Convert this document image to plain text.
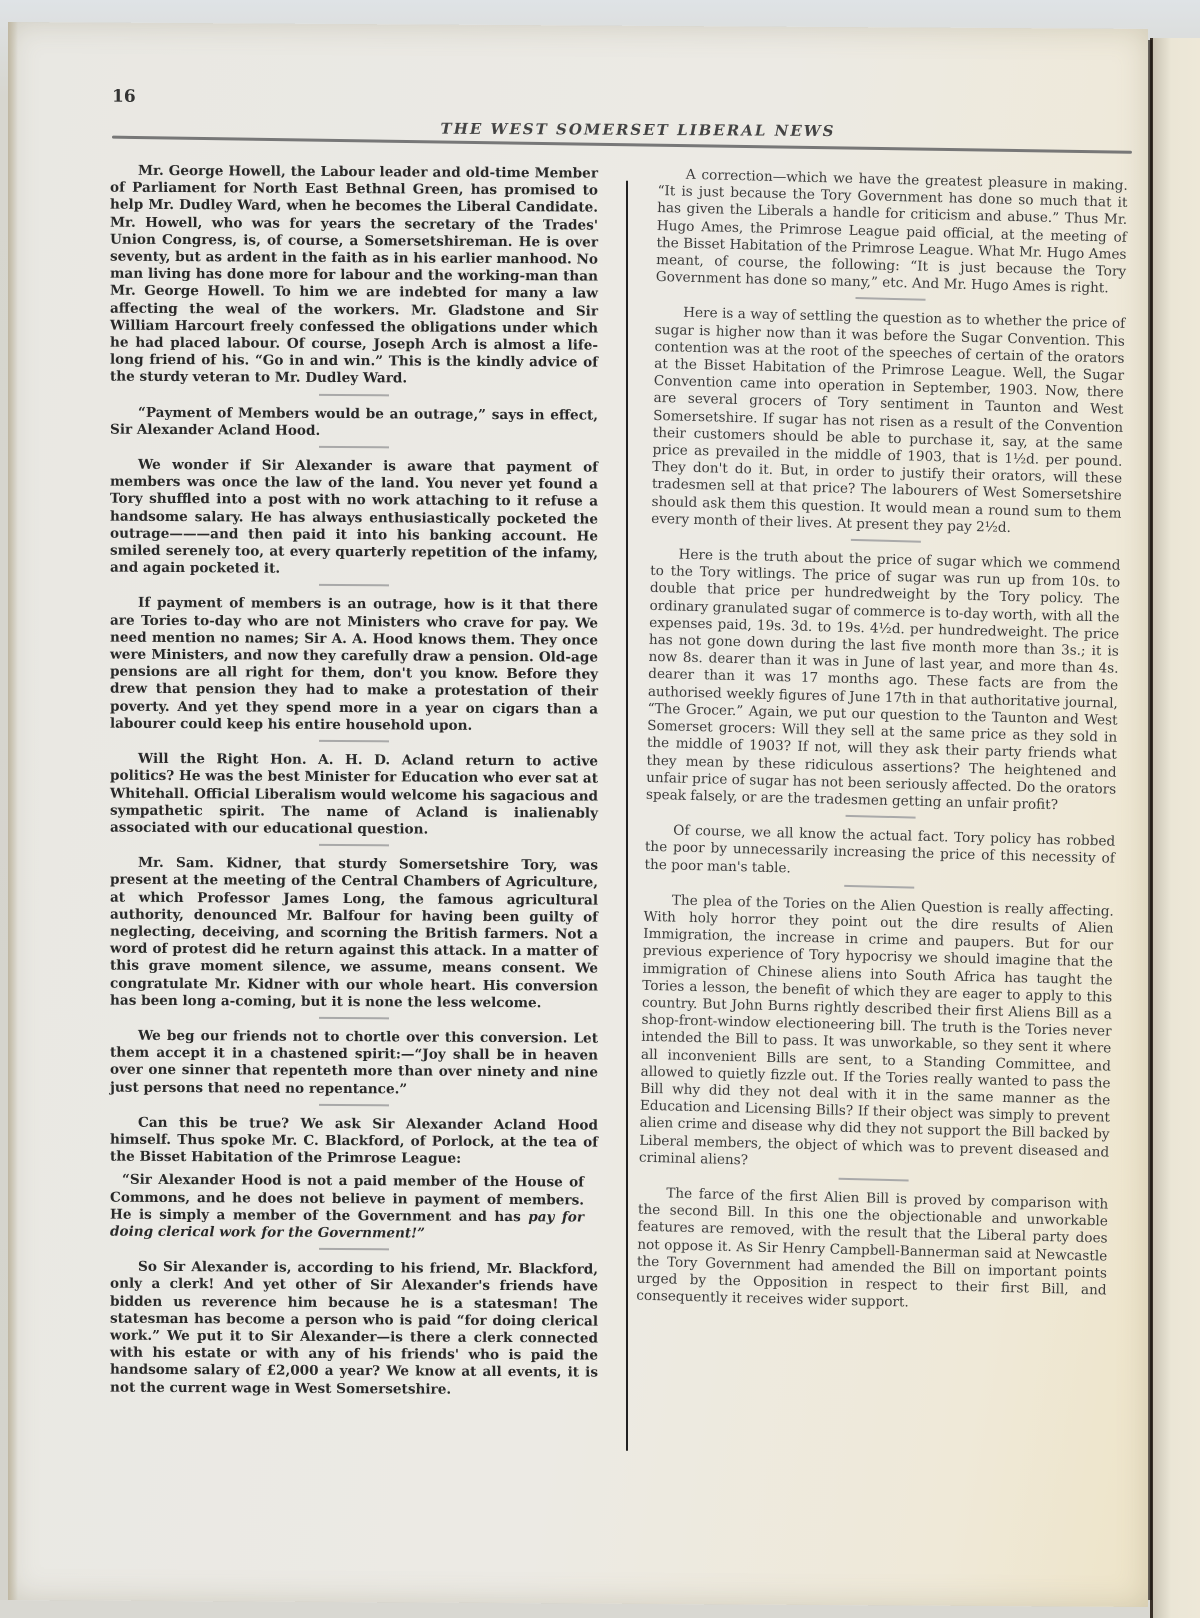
16
THE WEST SOMERSET LIBERAL NEWS

Mr. George Howell, the Labour leader and old-time Member of Parliament for North East Bethnal Green, has promised to help Mr. Dudley Ward, when he becomes the Liberal Candidate. Mr. Howell, who was for years the secretary of the Trades' Union Congress, is, of course, a Somersetshireman. He is over seventy, but as ardent in the faith as in his earlier manhood. No man living has done more for labour and the working-man than Mr. George Howell. To him we are indebted for many a law affecting the weal of the workers. Mr. Gladstone and Sir William Harcourt freely confessed the obligations under which he had placed labour. Of course, Joseph Arch is almost a life-long friend of his. “Go in and win.” This is the kindly advice of the sturdy veteran to Mr. Dudley Ward.

“Payment of Members would be an outrage,” says in effect, Sir Alexander Acland Hood.

We wonder if Sir Alexander is aware that payment of members was once the law of the land. You never yet found a Tory shuffled into a post with no work attaching to it refuse a handsome salary. He has always enthusiastically pocketed the outrage———and then paid it into his banking account. He smiled serenely too, at every quarterly repetition of the infamy, and again pocketed it.

If payment of members is an outrage, how is it that there are Tories to-day who are not Ministers who crave for pay. We need mention no names; Sir A. A. Hood knows them. They once were Ministers, and now they carefully draw a pension. Old-age pensions are all right for them, don't you know. Before they drew that pension they had to make a protestation of their poverty. And yet they spend more in a year on cigars than a labourer could keep his entire household upon.

Will the Right Hon. A. H. D. Acland return to active politics? He was the best Minister for Education who ever sat at Whitehall. Official Liberalism would welcome his sagacious and sympathetic spirit. The name of Acland is inalienably associated with our educational question.

Mr. Sam. Kidner, that sturdy Somersetshire Tory, was present at the meeting of the Central Chambers of Agriculture, at which Professor James Long, the famous agricultural authority, denounced Mr. Balfour for having been guilty of neglecting, deceiving, and scorning the British farmers. Not a word of protest did he return against this attack. In a matter of this grave moment silence, we assume, means consent. We congratulate Mr. Kidner with our whole heart. His conversion has been long a-coming, but it is none the less welcome.

We beg our friends not to chortle over this conversion. Let them accept it in a chastened spirit:—“Joy shall be in heaven over one sinner that repenteth more than over ninety and nine just persons that need no repentance.”

Can this be true? We ask Sir Alexander Acland Hood himself. Thus spoke Mr. C. Blackford, of Porlock, at the tea of the Bisset Habitation of the Primrose League:

“Sir Alexander Hood is not a paid member of the House of Commons, and he does not believe in payment of members. He is simply a member of the Government and has pay for doing clerical work for the Government!”

So Sir Alexander is, according to his friend, Mr. Blackford, only a clerk! And yet other of Sir Alexander's friends have bidden us reverence him because he is a statesman! The statesman has become a person who is paid “for doing clerical work.” We put it to Sir Alexander—is there a clerk connected with his estate or with any of his friends' who is paid the handsome salary of £2,000 a year? We know at all events, it is not the current wage in West Somersetshire.

A correction—which we have the greatest pleasure in making. “It is just because the Tory Government has done so much that it has given the Liberals a handle for criticism and abuse.” Thus Mr. Hugo Ames, the Primrose League paid official, at the meeting of the Bisset Habitation of the Primrose League. What Mr. Hugo Ames meant, of course, the following: “It is just because the Tory Government has done so many,” etc. And Mr. Hugo Ames is right.

Here is a way of settling the question as to whether the price of sugar is higher now than it was before the Sugar Convention. This contention was at the root of the speeches of certain of the orators at the Bisset Habitation of the Primrose League. Well, the Sugar Convention came into operation in September, 1903. Now, there are several grocers of Tory sentiment in Taunton and West Somersetshire. If sugar has not risen as a result of the Convention their customers should be able to purchase it, say, at the same price as prevailed in the middle of 1903, that is 1½d. per pound. They don't do it. But, in order to justify their orators, will these tradesmen sell at that price? The labourers of West Somersetshire should ask them this question. It would mean a round sum to them every month of their lives. At present they pay 2½d.

Here is the truth about the price of sugar which we commend to the Tory witlings. The price of sugar was run up from 10s. to double that price per hundredweight by the Tory policy. The ordinary granulated sugar of commerce is to-day worth, with all the expenses paid, 19s. 3d. to 19s. 4½d. per hundredweight. The price has not gone down during the last five month more than 3s.; it is now 8s. dearer than it was in June of last year, and more than 4s. dearer than it was 17 months ago. These facts are from the authorised weekly figures of June 17th in that authoritative journal, “The Grocer.” Again, we put our question to the Taunton and West Somerset grocers: Will they sell at the same price as they sold in the middle of 1903? If not, will they ask their party friends what they mean by these ridiculous assertions? The heightened and unfair price of sugar has not been seriously affected. Do the orators speak falsely, or are the tradesmen getting an unfair profit?

Of course, we all know the actual fact. Tory policy has robbed the poor by unnecessarily increasing the price of this necessity of the poor man's table.

The plea of the Tories on the Alien Question is really affecting. With holy horror they point out the dire results of Alien Immigration, the increase in crime and paupers. But for our previous experience of Tory hypocrisy we should imagine that the immigration of Chinese aliens into South Africa has taught the Tories a lesson, the benefit of which they are eager to apply to this country. But John Burns rightly described their first Aliens Bill as a shop-front-window electioneering bill. The truth is the Tories never intended the Bill to pass. It was unworkable, so they sent it where all inconvenient Bills are sent, to a Standing Committee, and allowed to quietly fizzle out. If the Tories really wanted to pass the Bill why did they not deal with it in the same manner as the Education and Licensing Bills? If their object was simply to prevent alien crime and disease why did they not support the Bill backed by Liberal members, the object of which was to prevent diseased and criminal aliens?

The farce of the first Alien Bill is proved by comparison with the second Bill. In this one the objectionable and unworkable features are removed, with the result that the Liberal party does not oppose it. As Sir Henry Campbell-Bannerman said at Newcastle the Tory Government had amended the Bill on important points urged by the Opposition in respect to their first Bill, and consequently it receives wider support.
